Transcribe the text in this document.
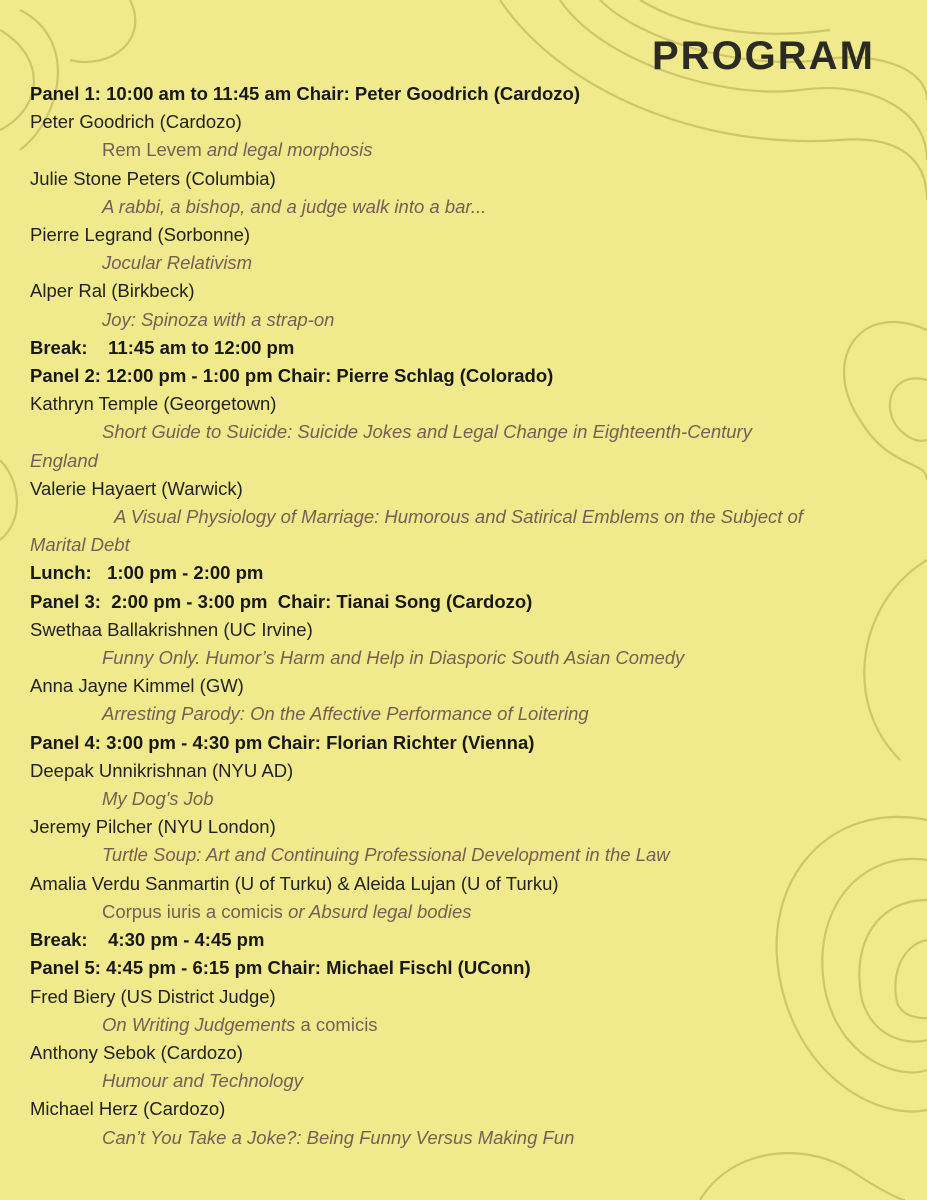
PROGRAM
Panel 1: 10:00 am to 11:45 am Chair: Peter Goodrich (Cardozo)
Peter Goodrich (Cardozo)
Rem Levem and legal morphosis
Julie Stone Peters (Columbia)
A rabbi, a bishop, and a judge walk into a bar...
Pierre Legrand (Sorbonne)
Jocular Relativism
Alper Ral (Birkbeck)
Joy: Spinoza with a strap-on
Break:    11:45 am to 12:00 pm
Panel 2: 12:00 pm - 1:00 pm Chair: Pierre Schlag (Colorado)
Kathryn Temple (Georgetown)
Short Guide to Suicide: Suicide Jokes and Legal Change in Eighteenth-Century
England
Valerie Hayaert (Warwick)
A Visual Physiology of Marriage: Humorous and Satirical Emblems on the Subject of
Marital Debt
Lunch:   1:00 pm - 2:00 pm
Panel 3:  2:00 pm - 3:00 pm  Chair: Tianai Song (Cardozo)
Swethaa Ballakrishnen (UC Irvine)
Funny Only. Humor’s Harm and Help in Diasporic South Asian Comedy
Anna Jayne Kimmel (GW)
Arresting Parody: On the Affective Performance of Loitering
Panel 4: 3:00 pm - 4:30 pm Chair: Florian Richter (Vienna)
Deepak Unnikrishnan (NYU AD)
My Dog's Job
Jeremy Pilcher (NYU London)
Turtle Soup: Art and Continuing Professional Development in the Law
Amalia Verdu Sanmartin (U of Turku) & Aleida Lujan (U of Turku)
Corpus iuris a comicis or Absurd legal bodies
Break:    4:30 pm - 4:45 pm
Panel 5: 4:45 pm - 6:15 pm Chair: Michael Fischl (UConn)
Fred Biery (US District Judge)
On Writing Judgements a comicis
Anthony Sebok (Cardozo)
Humour and Technology
Michael Herz (Cardozo)
Can’t You Take a Joke?: Being Funny Versus Making Fun
